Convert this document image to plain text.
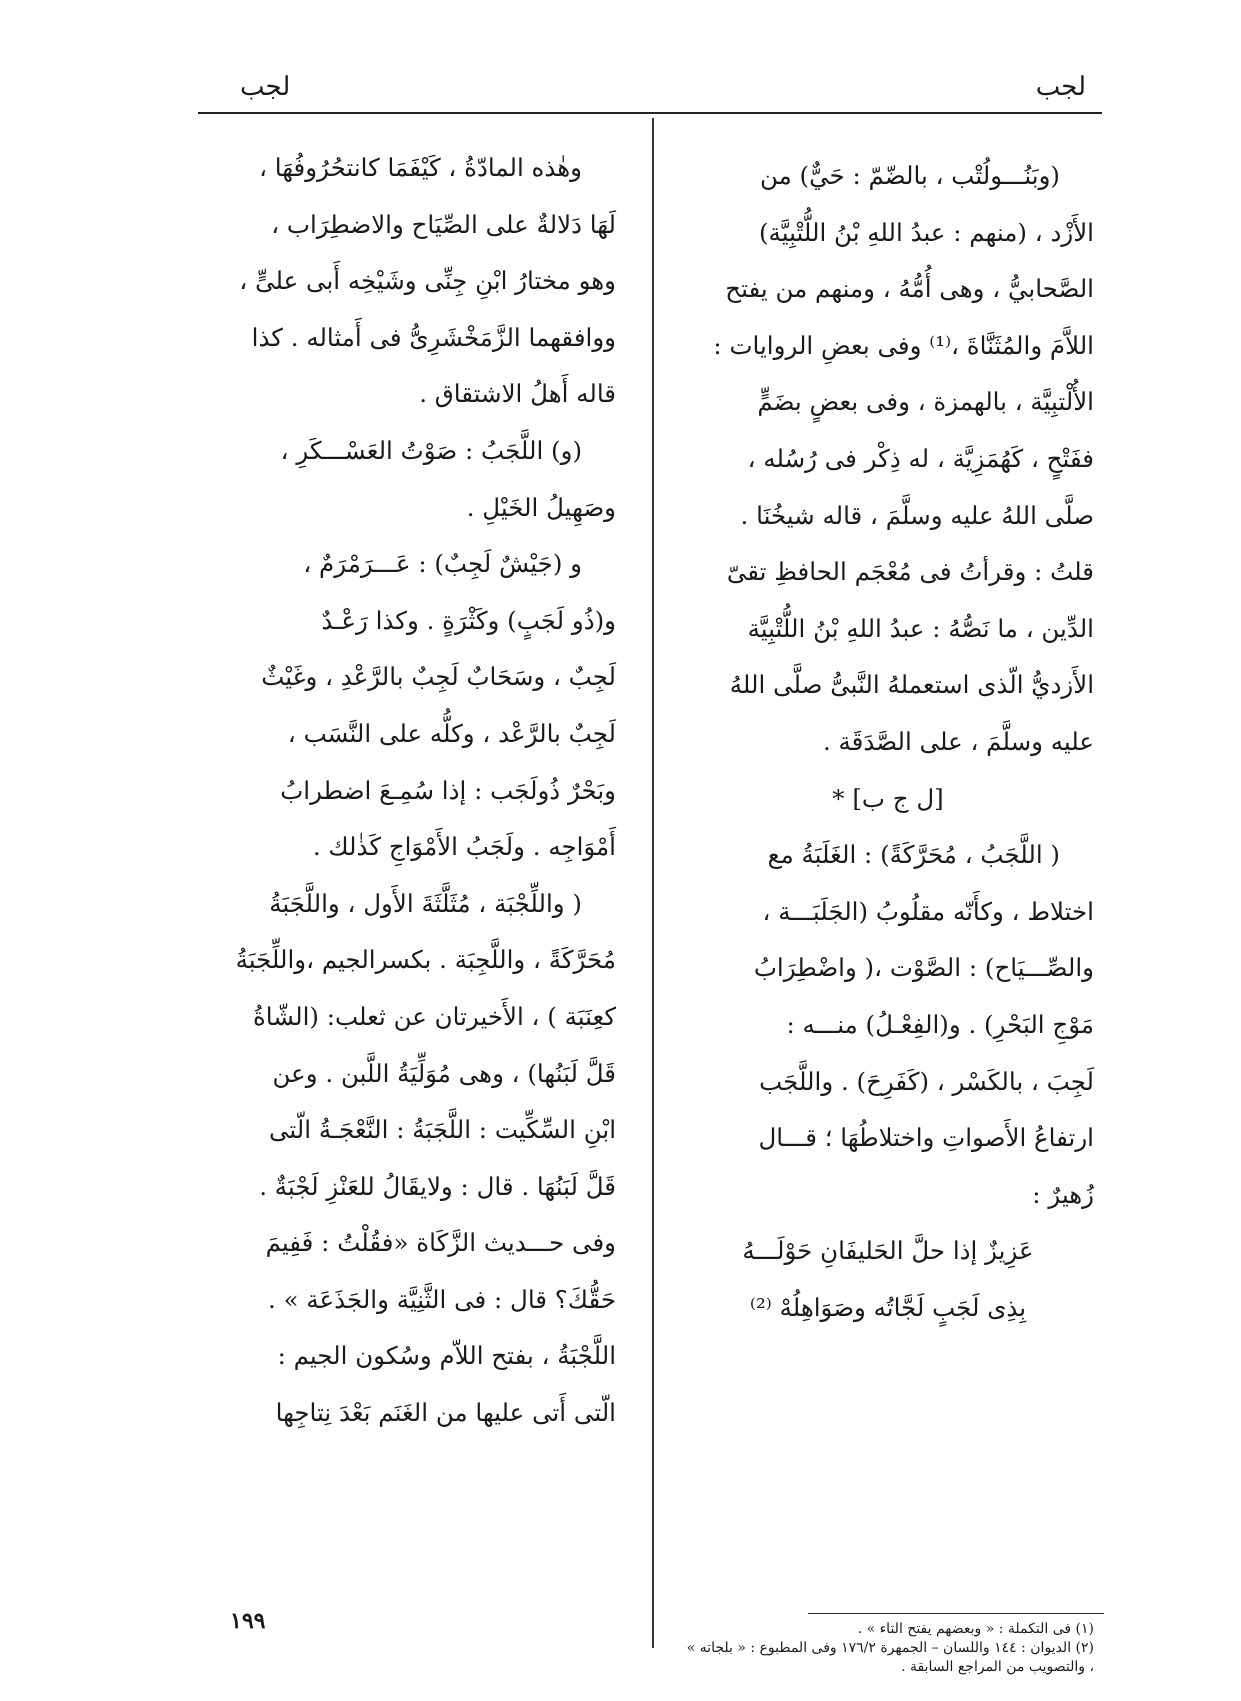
لجب
لجب

(وبَنُـــولُتْب ، بالضّمّ : حَيٌّ) من

الأَزْد ، (منهم : عبدُ اللهِ بْنُ اللُّتْبِيَّة)

الصَّحابيُّ ، وهى أُمُّهُ ، ومنهم من يفتح

اللاَّمَ والمُثَنَّاةَ ،⁽¹⁾ وفى بعضِ الروايات :

الأُلْتبِيَّة ، بالهمزة ، وفى بعضٍ بضَمٍّ

ففَتْحٍ ، كَهُمَزِيَّة ، له ذِكْر فى رُسُله ،

صلَّى اللهُ عليه وسلَّمَ ، قاله شيخُنَا .

قلتُ : وقرأتُ فى مُعْجَم الحافظِ تقىّ

الدِّين ، ما نَصُّهُ : عبدُ اللهِ بْنُ اللُّتْبِيَّة

الأَزديُّ الّذى استعملهُ النَّبىُّ صلَّى اللهُ

عليه وسلَّمَ ، على الصَّدَقَة .

[ل ج ب] *

( اللَّجَبُ ، مُحَرَّكَةً) : الغَلَبَةُ مع

اختلاط ، وكأَنّه مقلُوبُ (الجَلَبَـــة ،

والصِّـــيَاح) : الصَّوْت ،( واضْطِرَابُ

مَوْجِ البَحْرِ) . و(الفِعْـلُ) منـــه :

لَجِبَ ، بالكَسْر ، (كَفَرِحَ) . واللَّجَب

ارتفاعُ الأَصواتِ واختلاطُهَا ؛ قـــال

زُهيرٌ :

عَزِيزٌ إذا حلَّ الحَليفَانِ حَوْلَـــهُ

بِذِى لَجَبٍ لَجَّاتُه وصَوَاهِلُهْ ⁽²⁾

وهٰذه المادّةُ ، كَيْفَمَا كانتحُرُوفُهَا ،

لَهَا دَلالةٌ على الصِّيَاح والاضطِرَاب ،

وهو مختارُ ابْنِ جِنِّى وشَيْخِه أَبى علىٍّ ،

ووافقهما الزَّمَخْشَرِىُّ فى أَمثاله . كذا

قاله أَهلُ الاشتقاق .

(و) اللَّجَبُ : صَوْتُ العَسْـــكَرِ ،

وصَهِيلُ الخَيْلِ .

و (جَيْشٌ لَجِبٌ) : عَـــرَمْرَمٌ ،

و(ذُو لَجَبٍ) وكَثْرَةٍ . وكذا رَعْـدٌ

لَجِبٌ ، وسَحَابٌ لَجِبٌ بالرَّعْدِ ، وغَيْثٌ

لَجِبٌ بالرَّعْد ، وكلُّه على النَّسَب ،

وبَحْرٌ ذُولَجَب : إذا سُمِـعَ اضطرابُ

أَمْوَاجِه . ولَجَبُ الأَمْوَاجِ كَذٰلك .

( واللِّجْبَة ، مُثَلَّثَةَ الأَول ، واللَّجَبَةُ

مُحَرَّكَةً ، واللَّجِبَة . بكسرالجيم ،واللِّجَبَةُ

كعِنَبَة ) ، الأَخيرتان عن ثعلب: (الشّاةُ

قَلَّ لَبَنُها) ، وهى مُوَلِّيَةُ اللَّبن . وعن

ابْنِ السِّكِّيت : اللَّجَبَةُ : النَّعْجَـةُ الّتى

قَلَّ لَبَنُهَا . قال : ولايقَالُ للعَنْزِ لَجْبَةٌ .

وفى حـــديث الزَّكَاة «فقُلْتُ : فَفِيمَ

حَقُّكَ؟ قال : فى الثَّنِيَّة والجَذَعَة » .

اللَّجْبَةُ ، بفتح اللاّم وسُكون الجيم :

الّتى أَتى عليها من الغَنَم بَعْدَ نِتاجِها

(١) فى التكملة : « وبعضهم يفتح التاء » .

(٢) الديوان : ١٤٤ واللسان – الجمهرة ١٧٦/٢ وفى المطبوع : « بلجاته » ، والتصويب من المراجع السابقة .

١٩٩
